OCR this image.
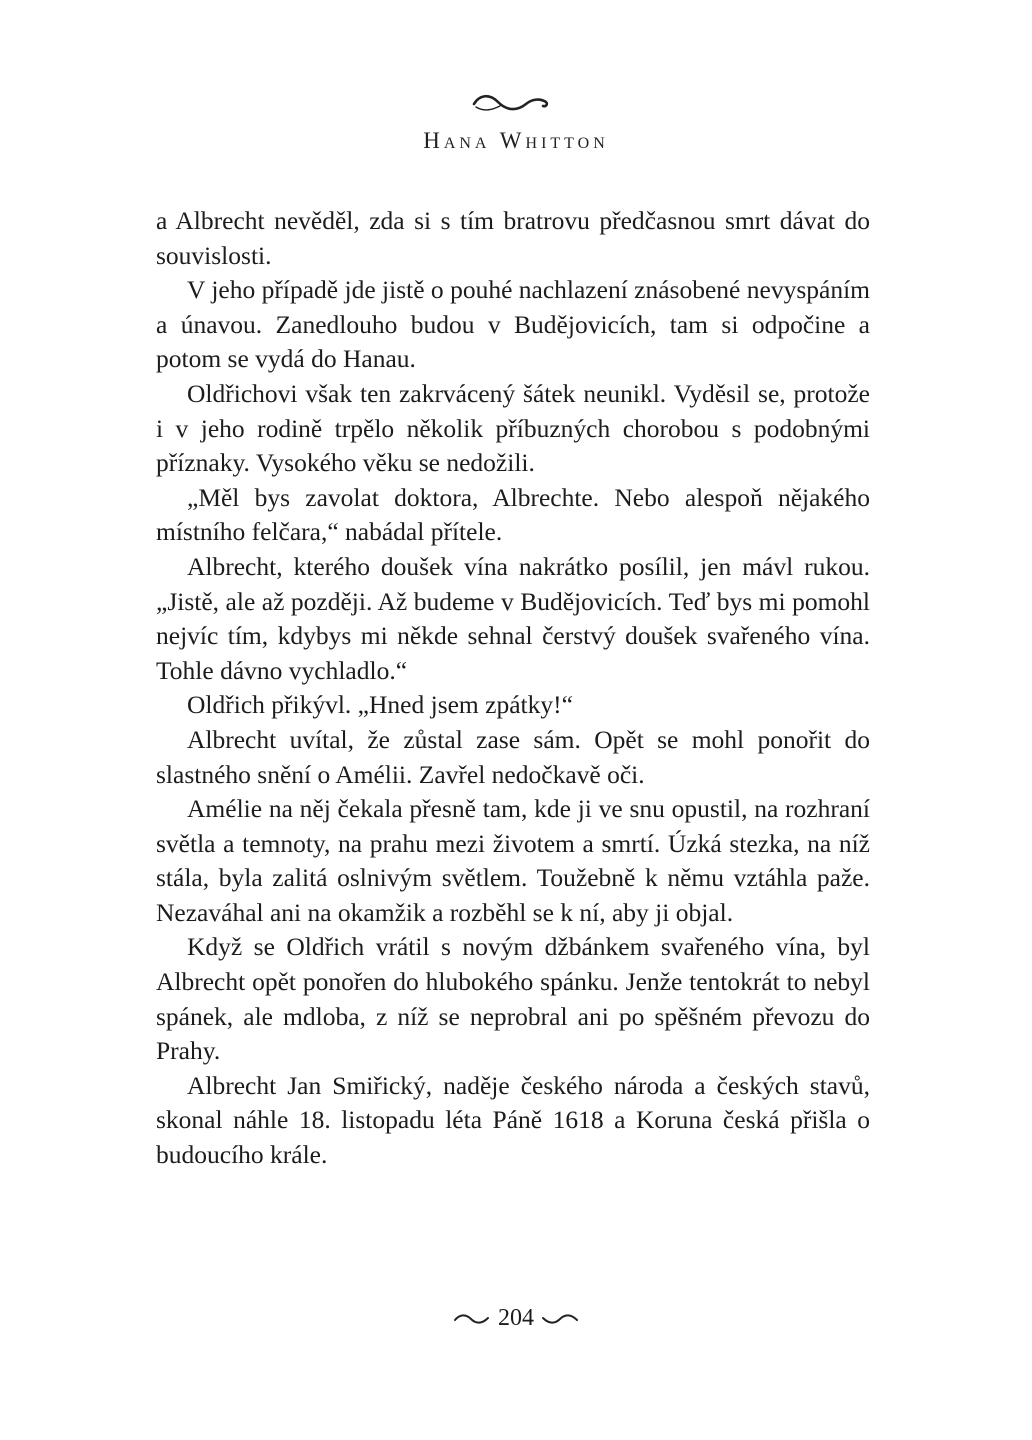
Hana Whitton

a Albrecht nevěděl, zda si s tím bratrovu předčasnou smrt dávat do souvislosti.

V jeho případě jde jistě o pouhé nachlazení znásobené nevyspáním a únavou. Zanedlouho budou v Budějovicích, tam si odpočine a potom se vydá do Hanau.

Oldřichovi však ten zakrvácený šátek neunikl. Vyděsil se, protože i v jeho rodině trpělo několik příbuzných chorobou s podobnými příznaky. Vysokého věku se nedožili.

„Měl bys zavolat doktora, Albrechte. Nebo alespoň nějakého místního felčara,“ nabádal přítele.

Albrecht, kterého doušek vína nakrátko posílil, jen mávl rukou. „Jistě, ale až později. Až budeme v Budějovicích. Teď bys mi pomohl nejvíc tím, kdybys mi někde sehnal čerstvý doušek svařeného vína. Tohle dávno vychladlo.“

Oldřich přikývl. „Hned jsem zpátky!“

Albrecht uvítal, že zůstal zase sám. Opět se mohl ponořit do slastného snění o Amélii. Zavřel nedočkavě oči.

Amélie na něj čekala přesně tam, kde ji ve snu opustil, na rozhraní světla a temnoty, na prahu mezi životem a smrtí. Úzká stezka, na níž stála, byla zalitá oslnivým světlem. Toužebně k němu vztáhla paže. Nezaváhal ani na okamžik a rozběhl se k ní, aby ji objal.

Když se Oldřich vrátil s novým džbánkem svařeného vína, byl Albrecht opět ponořen do hlubokého spánku. Jenže tentokrát to nebyl spánek, ale mdloba, z níž se neprobral ani po spěšném převozu do Prahy.

Albrecht Jan Smiřický, naděje českého národa a českých stavů, skonal náhle 18. listopadu léta Páně 1618 a Koruna česká přišla o budoucího krále.

204
